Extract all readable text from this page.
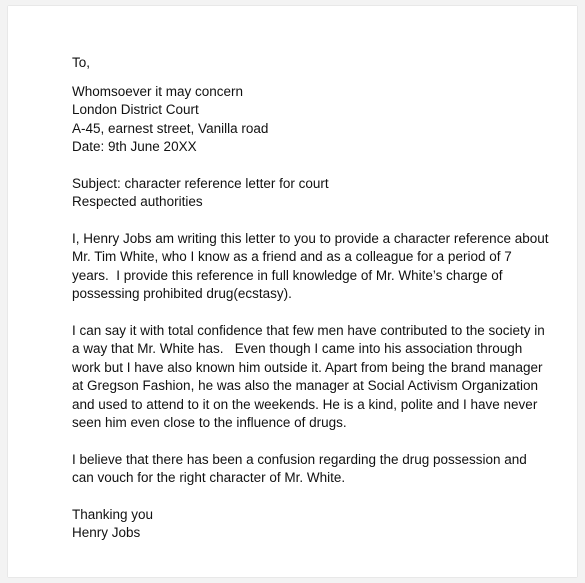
To,
Whomsoever it may concern
London District Court
A-45, earnest street, Vanilla road
Date: 9th June 20XX
Subject: character reference letter for court
Respected authorities
I, Henry Jobs am writing this letter to you to provide a character reference about
Mr. Tim White, who I know as a friend and as a colleague for a period of 7
years.  I provide this reference in full knowledge of Mr. White’s charge of
possessing prohibited drug(ecstasy).
I can say it with total confidence that few men have contributed to the society in
a way that Mr. White has.   Even though I came into his association through
work but I have also known him outside it. Apart from being the brand manager
at Gregson Fashion, he was also the manager at Social Activism Organization
and used to attend to it on the weekends. He is a kind, polite and I have never
seen him even close to the influence of drugs.
I believe that there has been a confusion regarding the drug possession and
can vouch for the right character of Mr. White.
Thanking you
Henry Jobs
